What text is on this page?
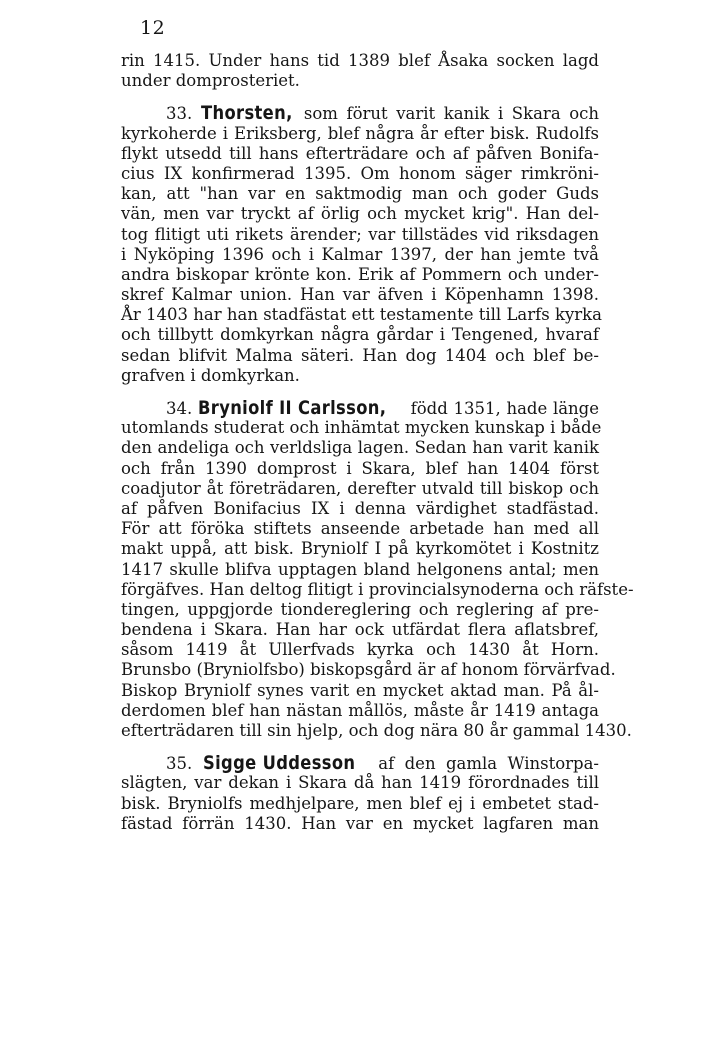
12
rin 1415. Under hans tid 1389 blef Åsaka socken lagd
under domprosteriet.
33. Thorsten, som förut varit kanik i Skara och
kyrkoherde i Eriksberg, blef några år efter bisk. Rudolfs
flykt utsedd till hans efterträdare och af påfven Bonifa-
cius IX konfirmerad 1395. Om honom säger rimkröni-
kan, att "han var en saktmodig man och goder Guds
vän, men var tryckt af örlig och mycket krig". Han del-
tog flitigt uti rikets ärender; var tillstädes vid riksdagen
i Nyköping 1396 och i Kalmar 1397, der han jemte två
andra biskopar krönte kon. Erik af Pommern och under-
skref Kalmar union. Han var äfven i Köpenhamn 1398.
År 1403 har han stadfästat ett testamente till Larfs kyrka
och tillbytt domkyrkan några gårdar i Tengened, hvaraf
sedan blifvit Malma säteri. Han dog 1404 och blef be-
grafven i domkyrkan.
34. Bryniolf II Carlsson, född 1351, hade länge
utomlands studerat och inhämtat mycken kunskap i både
den andeliga och verldsliga lagen. Sedan han varit kanik
och från 1390 domprost i Skara, blef han 1404 först
coadjutor åt företrädaren, derefter utvald till biskop och
af påfven Bonifacius IX i denna värdighet stadfästad.
För att föröka stiftets anseende arbetade han med all
makt uppå, att bisk. Bryniolf I på kyrkomötet i Kostnitz
1417 skulle blifva upptagen bland helgonens antal; men
förgäfves. Han deltog flitigt i provincialsynoderna och räfste-
tingen, uppgjorde tiondereglering och reglering af pre-
bendena i Skara. Han har ock utfärdat flera aflatsbref,
såsom 1419 åt Ullerfvads kyrka och 1430 åt Horn.
Brunsbo (Bryniolfsbo) biskopsgård är af honom förvärfvad.
Biskop Bryniolf synes varit en mycket aktad man. På ål-
derdomen blef han nästan mållös, måste år 1419 antaga
efterträdaren till sin hjelp, och dog nära 80 år gammal 1430.
35. Sigge Uddesson af den gamla Winstorpa-
slägten, var dekan i Skara då han 1419 förordnades till
bisk. Bryniolfs medhjelpare, men blef ej i embetet stad-
fästad förrän 1430. Han var en mycket lagfaren man
